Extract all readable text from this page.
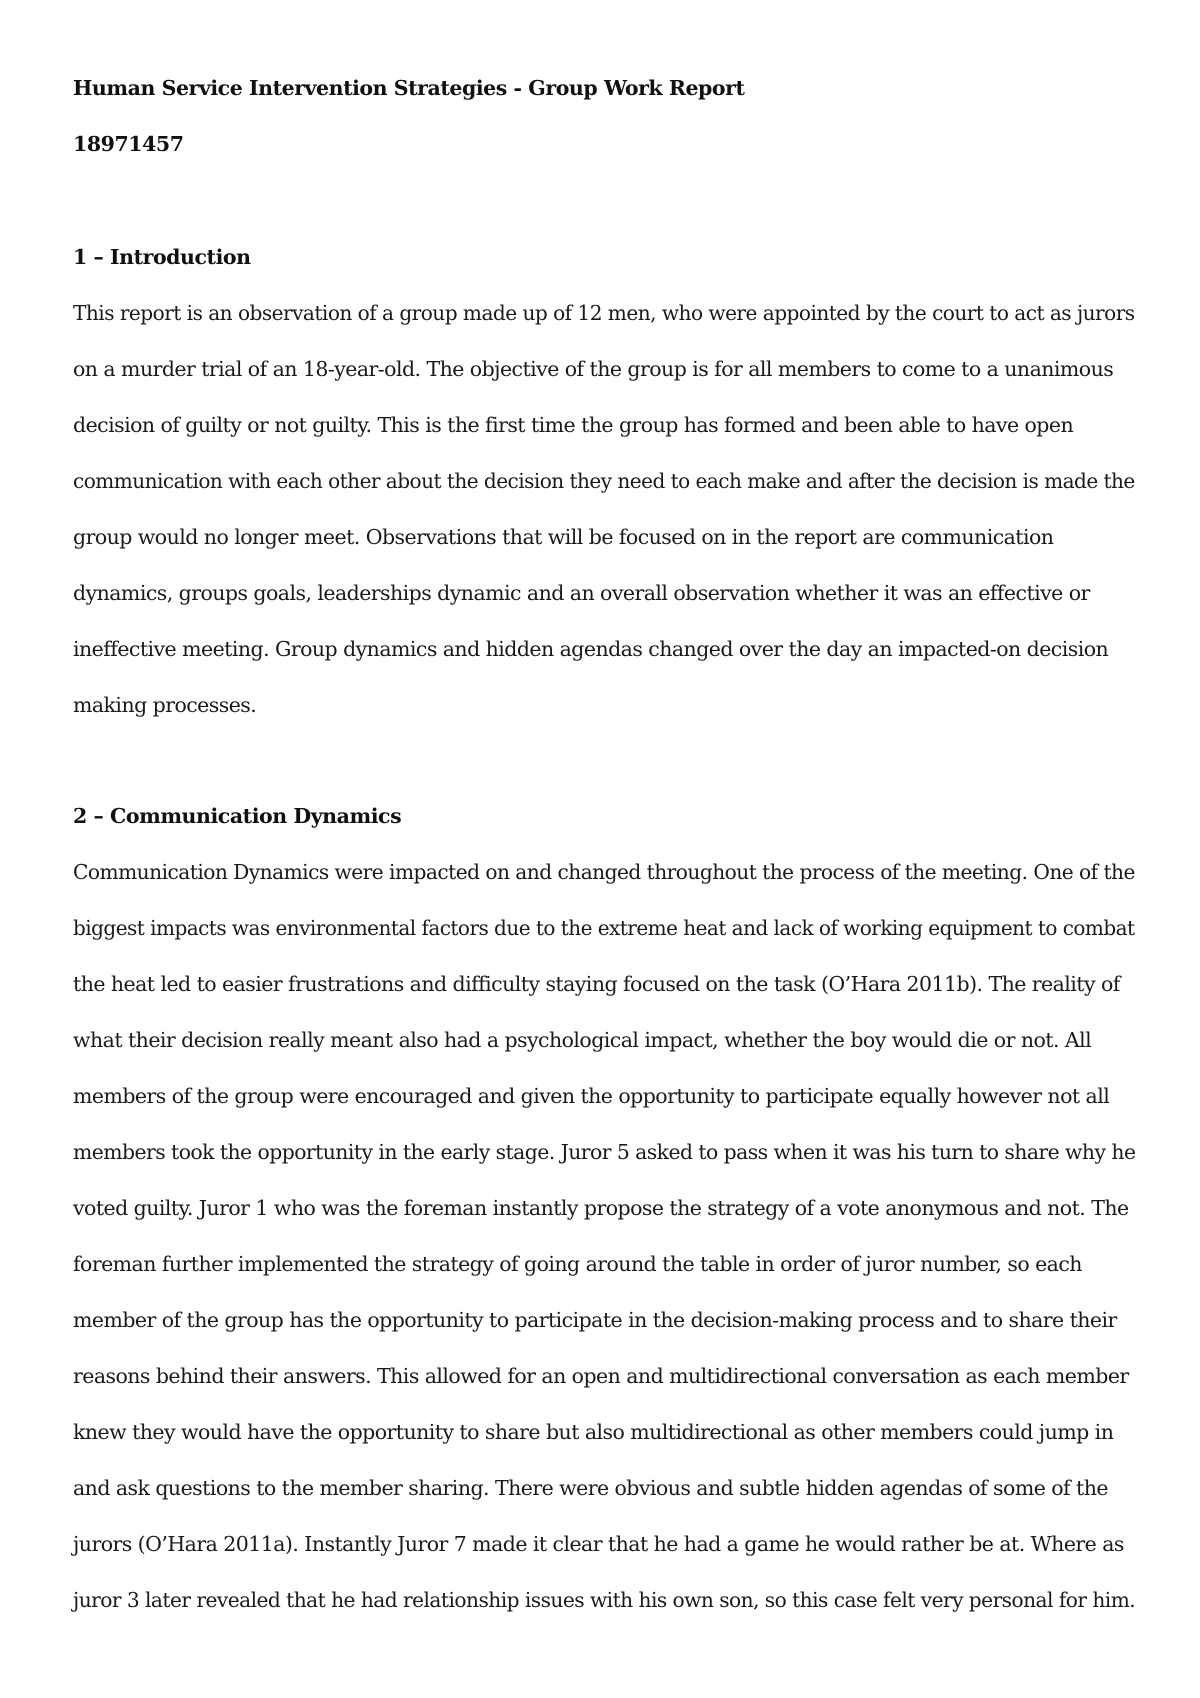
Human Service Intervention Strategies - Group Work Report
18971457
1 – Introduction
This report is an observation of a group made up of 12 men, who were appointed by the court to act as jurors
on a murder trial of an 18-year-old. The objective of the group is for all members to come to a unanimous
decision of guilty or not guilty. This is the first time the group has formed and been able to have open
communication with each other about the decision they need to each make and after the decision is made the
group would no longer meet. Observations that will be focused on in the report are communication
dynamics, groups goals, leaderships dynamic and an overall observation whether it was an effective or
ineffective meeting. Group dynamics and hidden agendas changed over the day an impacted-on decision
making processes.
2 – Communication Dynamics
Communication Dynamics were impacted on and changed throughout the process of the meeting. One of the
biggest impacts was environmental factors due to the extreme heat and lack of working equipment to combat
the heat led to easier frustrations and difficulty staying focused on the task (O’Hara 2011b). The reality of
what their decision really meant also had a psychological impact, whether the boy would die or not. All
members of the group were encouraged and given the opportunity to participate equally however not all
members took the opportunity in the early stage. Juror 5 asked to pass when it was his turn to share why he
voted guilty. Juror 1 who was the foreman instantly propose the strategy of a vote anonymous and not. The
foreman further implemented the strategy of going around the table in order of juror number, so each
member of the group has the opportunity to participate in the decision-making process and to share their
reasons behind their answers. This allowed for an open and multidirectional conversation as each member
knew they would have the opportunity to share but also multidirectional as other members could jump in
and ask questions to the member sharing. There were obvious and subtle hidden agendas of some of the
jurors (O’Hara 2011a). Instantly Juror 7 made it clear that he had a game he would rather be at. Where as
juror 3 later revealed that he had relationship issues with his own son, so this case felt very personal for him.
